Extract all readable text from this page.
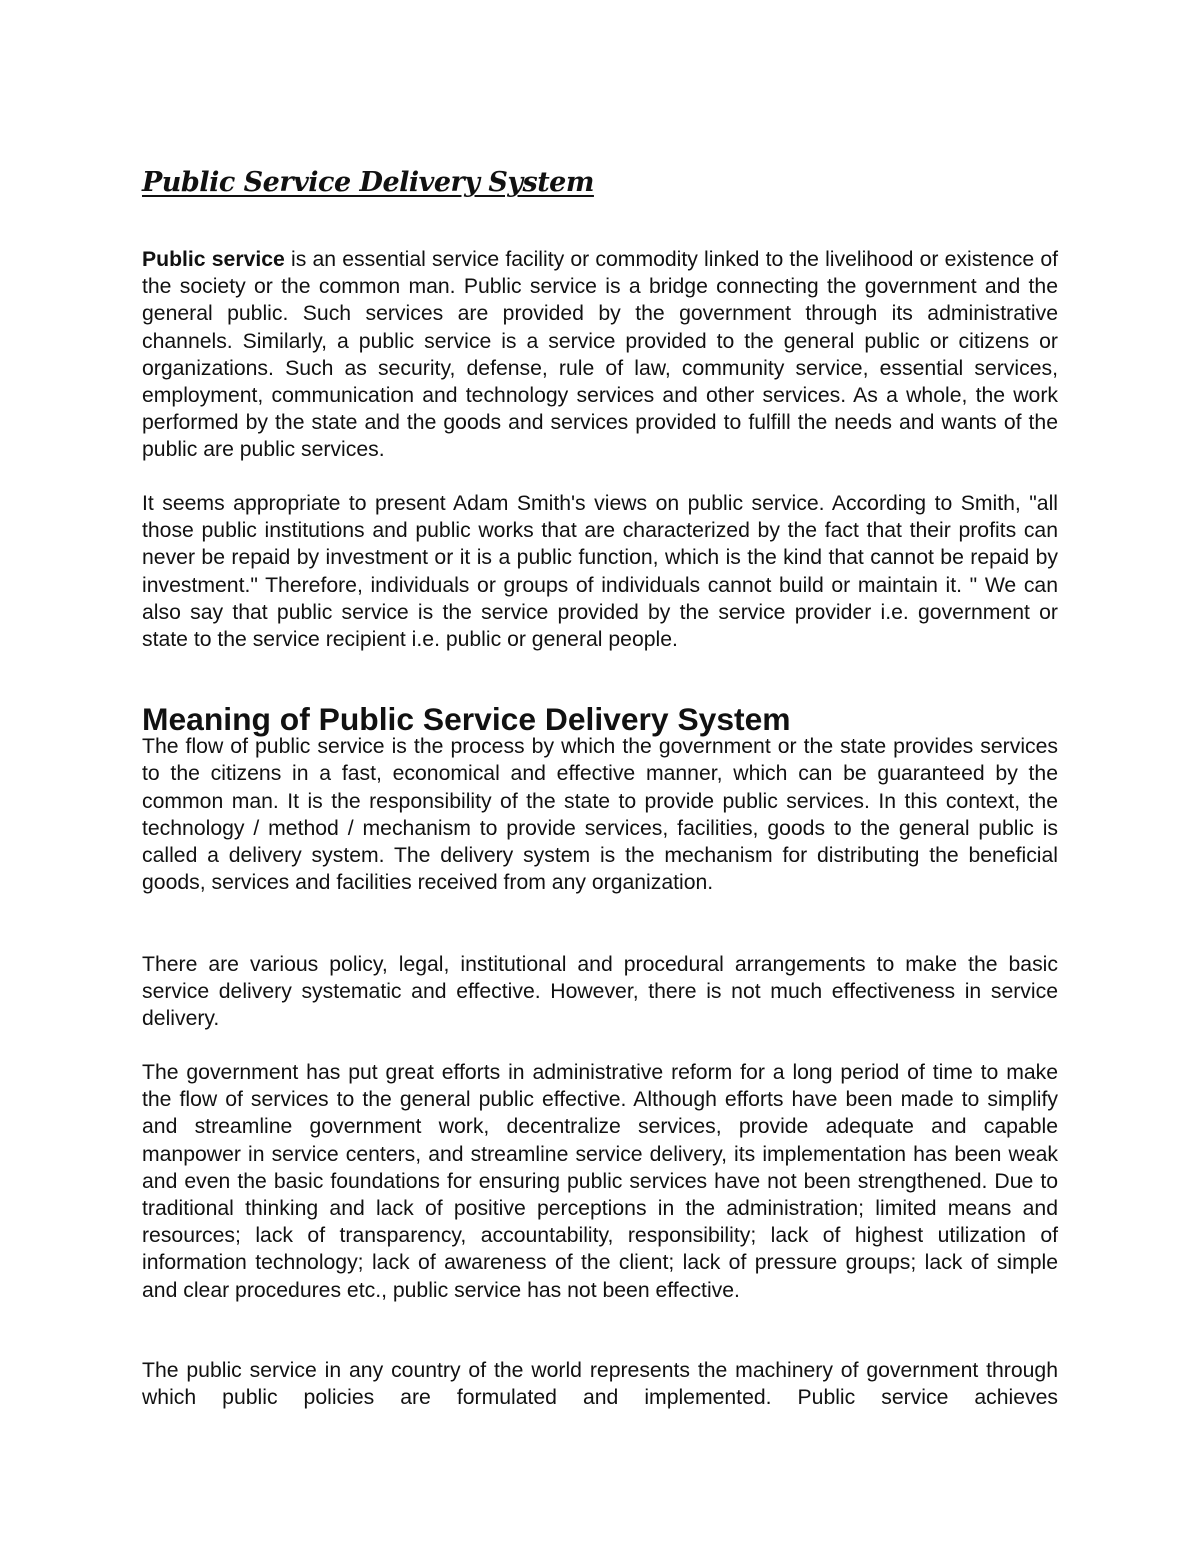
Public Service Delivery System

Public service is an essential service facility or commodity linked to the livelihood or existence of the society or the common man. Public service is a bridge connecting the government and the general public. Such services are provided by the government through its administrative channels. Similarly, a public service is a service provided to the general public or citizens or organizations. Such as security, defense, rule of law, community service, essential services, employment, communication and technology services and other services. As a whole, the work performed by the state and the goods and services provided to fulfill the needs and wants of the public are public services.

It seems appropriate to present Adam Smith's views on public service. According to Smith, "all those public institutions and public works that are characterized by the fact that their profits can never be repaid by investment or it is a public function, which is the kind that cannot be repaid by investment." Therefore, individuals or groups of individuals cannot build or maintain it. " We can also say that public service is the service provided by the service provider i.e. government or state to the service recipient i.e. public or general people.

Meaning of Public Service Delivery System

The flow of public service is the process by which the government or the state provides services to the citizens in a fast, economical and effective manner, which can be guaranteed by the common man. It is the responsibility of the state to provide public services. In this context, the technology / method / mechanism to provide services, facilities, goods to the general public is called a delivery system. The delivery system is the mechanism for distributing the beneficial goods, services and facilities received from any organization.

There are various policy, legal, institutional and procedural arrangements to make the basic service delivery systematic and effective. However, there is not much effectiveness in service delivery.

The government has put great efforts in administrative reform for a long period of time to make the flow of services to the general public effective. Although efforts have been made to simplify and streamline government work, decentralize services, provide adequate and capable manpower in service centers, and streamline service delivery, its implementation has been weak and even the basic foundations for ensuring public services have not been strengthened. Due to traditional thinking and lack of positive perceptions in the administration; limited means and resources; lack of transparency, accountability, responsibility; lack of highest utilization of information technology; lack of awareness of the client; lack of pressure groups; lack of simple and clear procedures etc., public service has not been effective.

The public service in any country of the world represents the machinery of government through which public policies are formulated and implemented. Public service achieves
